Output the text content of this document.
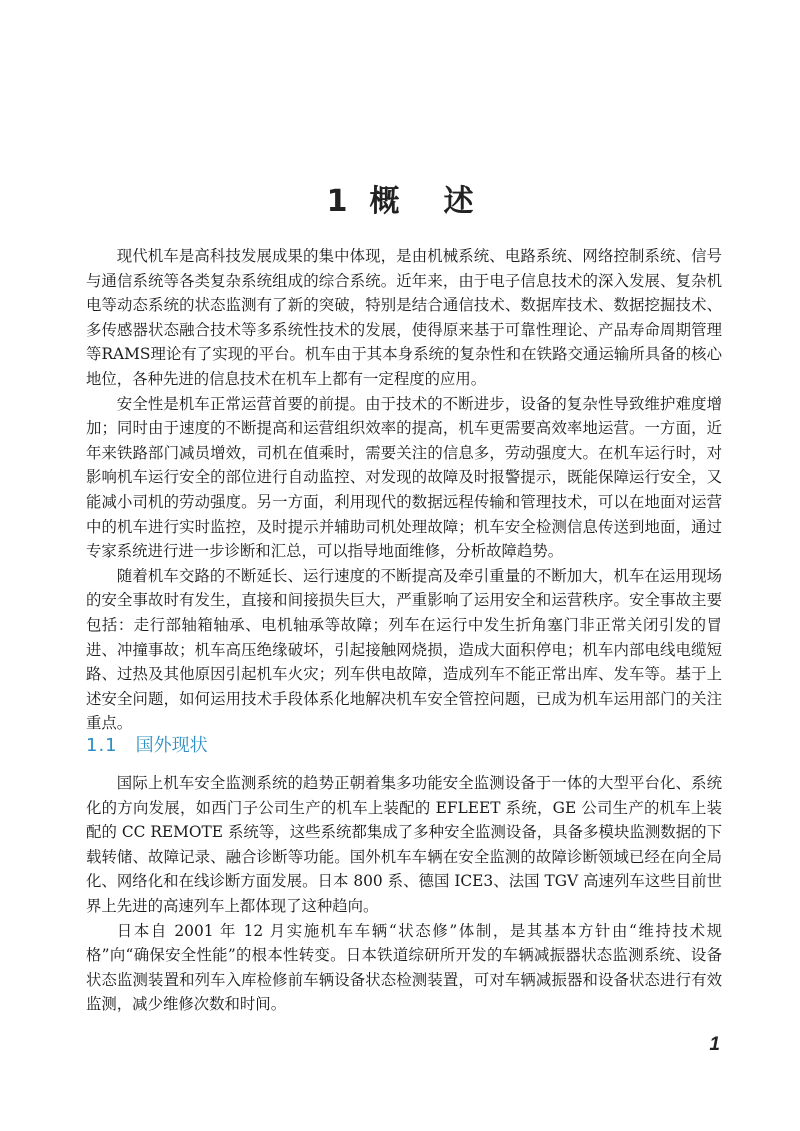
1 概 述

现代机车是高科技发展成果的集中体现，是由机械系统、电路系统、网络控制系统、信号与通信系统等各类复杂系统组成的综合系统。近年来，由于电子信息技术的深入发展、复杂机电等动态系统的状态监测有了新的突破，特别是结合通信技术、数据库技术、数据挖掘技术、多传感器状态融合技术等多系统性技术的发展，使得原来基于可靠性理论、产品寿命周期管理等RAMS理论有了实现的平台。机车由于其本身系统的复杂性和在铁路交通运输所具备的核心地位，各种先进的信息技术在机车上都有一定程度的应用。

安全性是机车正常运营首要的前提。由于技术的不断进步，设备的复杂性导致维护难度增加；同时由于速度的不断提高和运营组织效率的提高，机车更需要高效率地运营。一方面，近年来铁路部门减员增效，司机在值乘时，需要关注的信息多，劳动强度大。在机车运行时，对影响机车运行安全的部位进行自动监控、对发现的故障及时报警提示，既能保障运行安全，又能减小司机的劳动强度。另一方面，利用现代的数据远程传输和管理技术，可以在地面对运营中的机车进行实时监控，及时提示并辅助司机处理故障；机车安全检测信息传送到地面，通过专家系统进行进一步诊断和汇总，可以指导地面维修，分析故障趋势。

随着机车交路的不断延长、运行速度的不断提高及牵引重量的不断加大，机车在运用现场的安全事故时有发生，直接和间接损失巨大，严重影响了运用安全和运营秩序。安全事故主要包括：走行部轴箱轴承、电机轴承等故障；列车在运行中发生折角塞门非正常关闭引发的冒进、冲撞事故；机车高压绝缘破坏，引起接触网烧损，造成大面积停电；机车内部电线电缆短路、过热及其他原因引起机车火灾；列车供电故障，造成列车不能正常出库、发车等。基于上述安全问题，如何运用技术手段体系化地解决机车安全管控问题，已成为机车运用部门的关注重点。

1.1 国外现状

国际上机车安全监测系统的趋势正朝着集多功能安全监测设备于一体的大型平台化、系统化的方向发展，如西门子公司生产的机车上装配的 EFLEET 系统，GE 公司生产的机车上装配的 CC REMOTE 系统等，这些系统都集成了多种安全监测设备，具备多模块监测数据的下载转储、故障记录、融合诊断等功能。国外机车车辆在安全监测的故障诊断领域已经在向全局化、网络化和在线诊断方面发展。日本 800 系、德国 ICE3、法国 TGV 高速列车这些目前世界上先进的高速列车上都体现了这种趋向。

日本自 2001 年 12 月实施机车车辆“状态修”体制，是其基本方针由“维持技术规格”向“确保安全性能”的根本性转变。日本铁道综研所开发的车辆减振器状态监测系统、设备状态监测装置和列车入库检修前车辆设备状态检测装置，可对车辆减振器和设备状态进行有效监测，减少维修次数和时间。

1
